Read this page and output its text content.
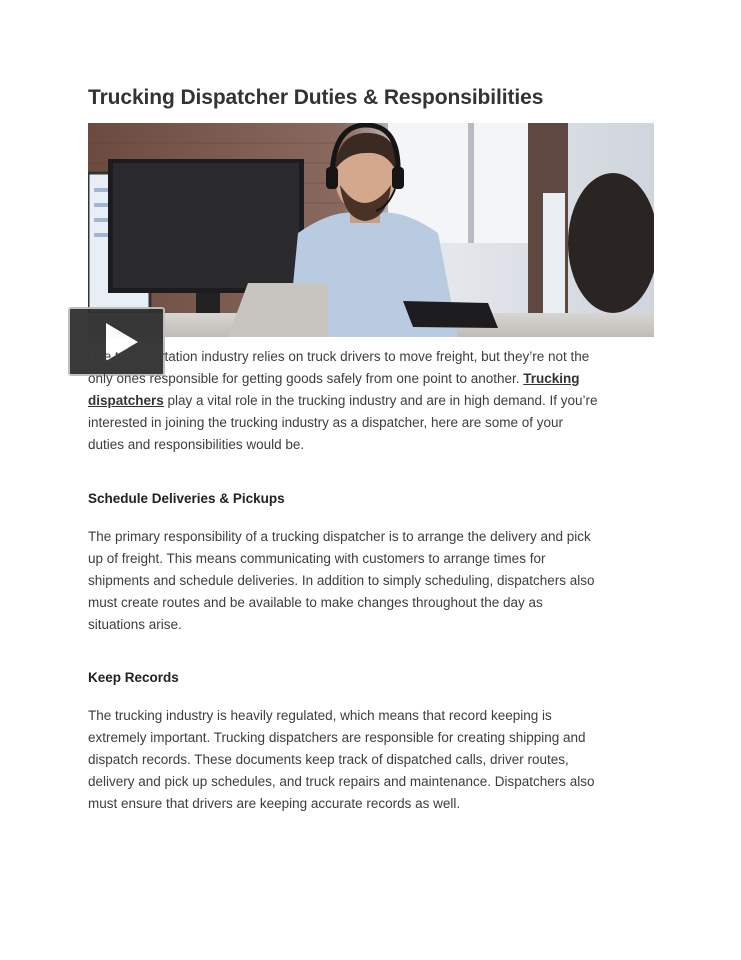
Trucking Dispatcher Duties & Responsibilities

The transportation industry relies on truck drivers to move freight, but they’re not the
only ones responsible for getting goods safely from one point to another. Trucking
dispatchers play a vital role in the trucking industry and are in high demand. If you’re
interested in joining the trucking industry as a dispatcher, here are some of your
duties and responsibilities would be.

Schedule Deliveries & Pickups

The primary responsibility of a trucking dispatcher is to arrange the delivery and pick
up of freight. This means communicating with customers to arrange times for
shipments and schedule deliveries. In addition to simply scheduling, dispatchers also
must create routes and be available to make changes throughout the day as
situations arise.

Keep Records

The trucking industry is heavily regulated, which means that record keeping is
extremely important. Trucking dispatchers are responsible for creating shipping and
dispatch records. These documents keep track of dispatched calls, driver routes,
delivery and pick up schedules, and truck repairs and maintenance. Dispatchers also
must ensure that drivers are keeping accurate records as well.
